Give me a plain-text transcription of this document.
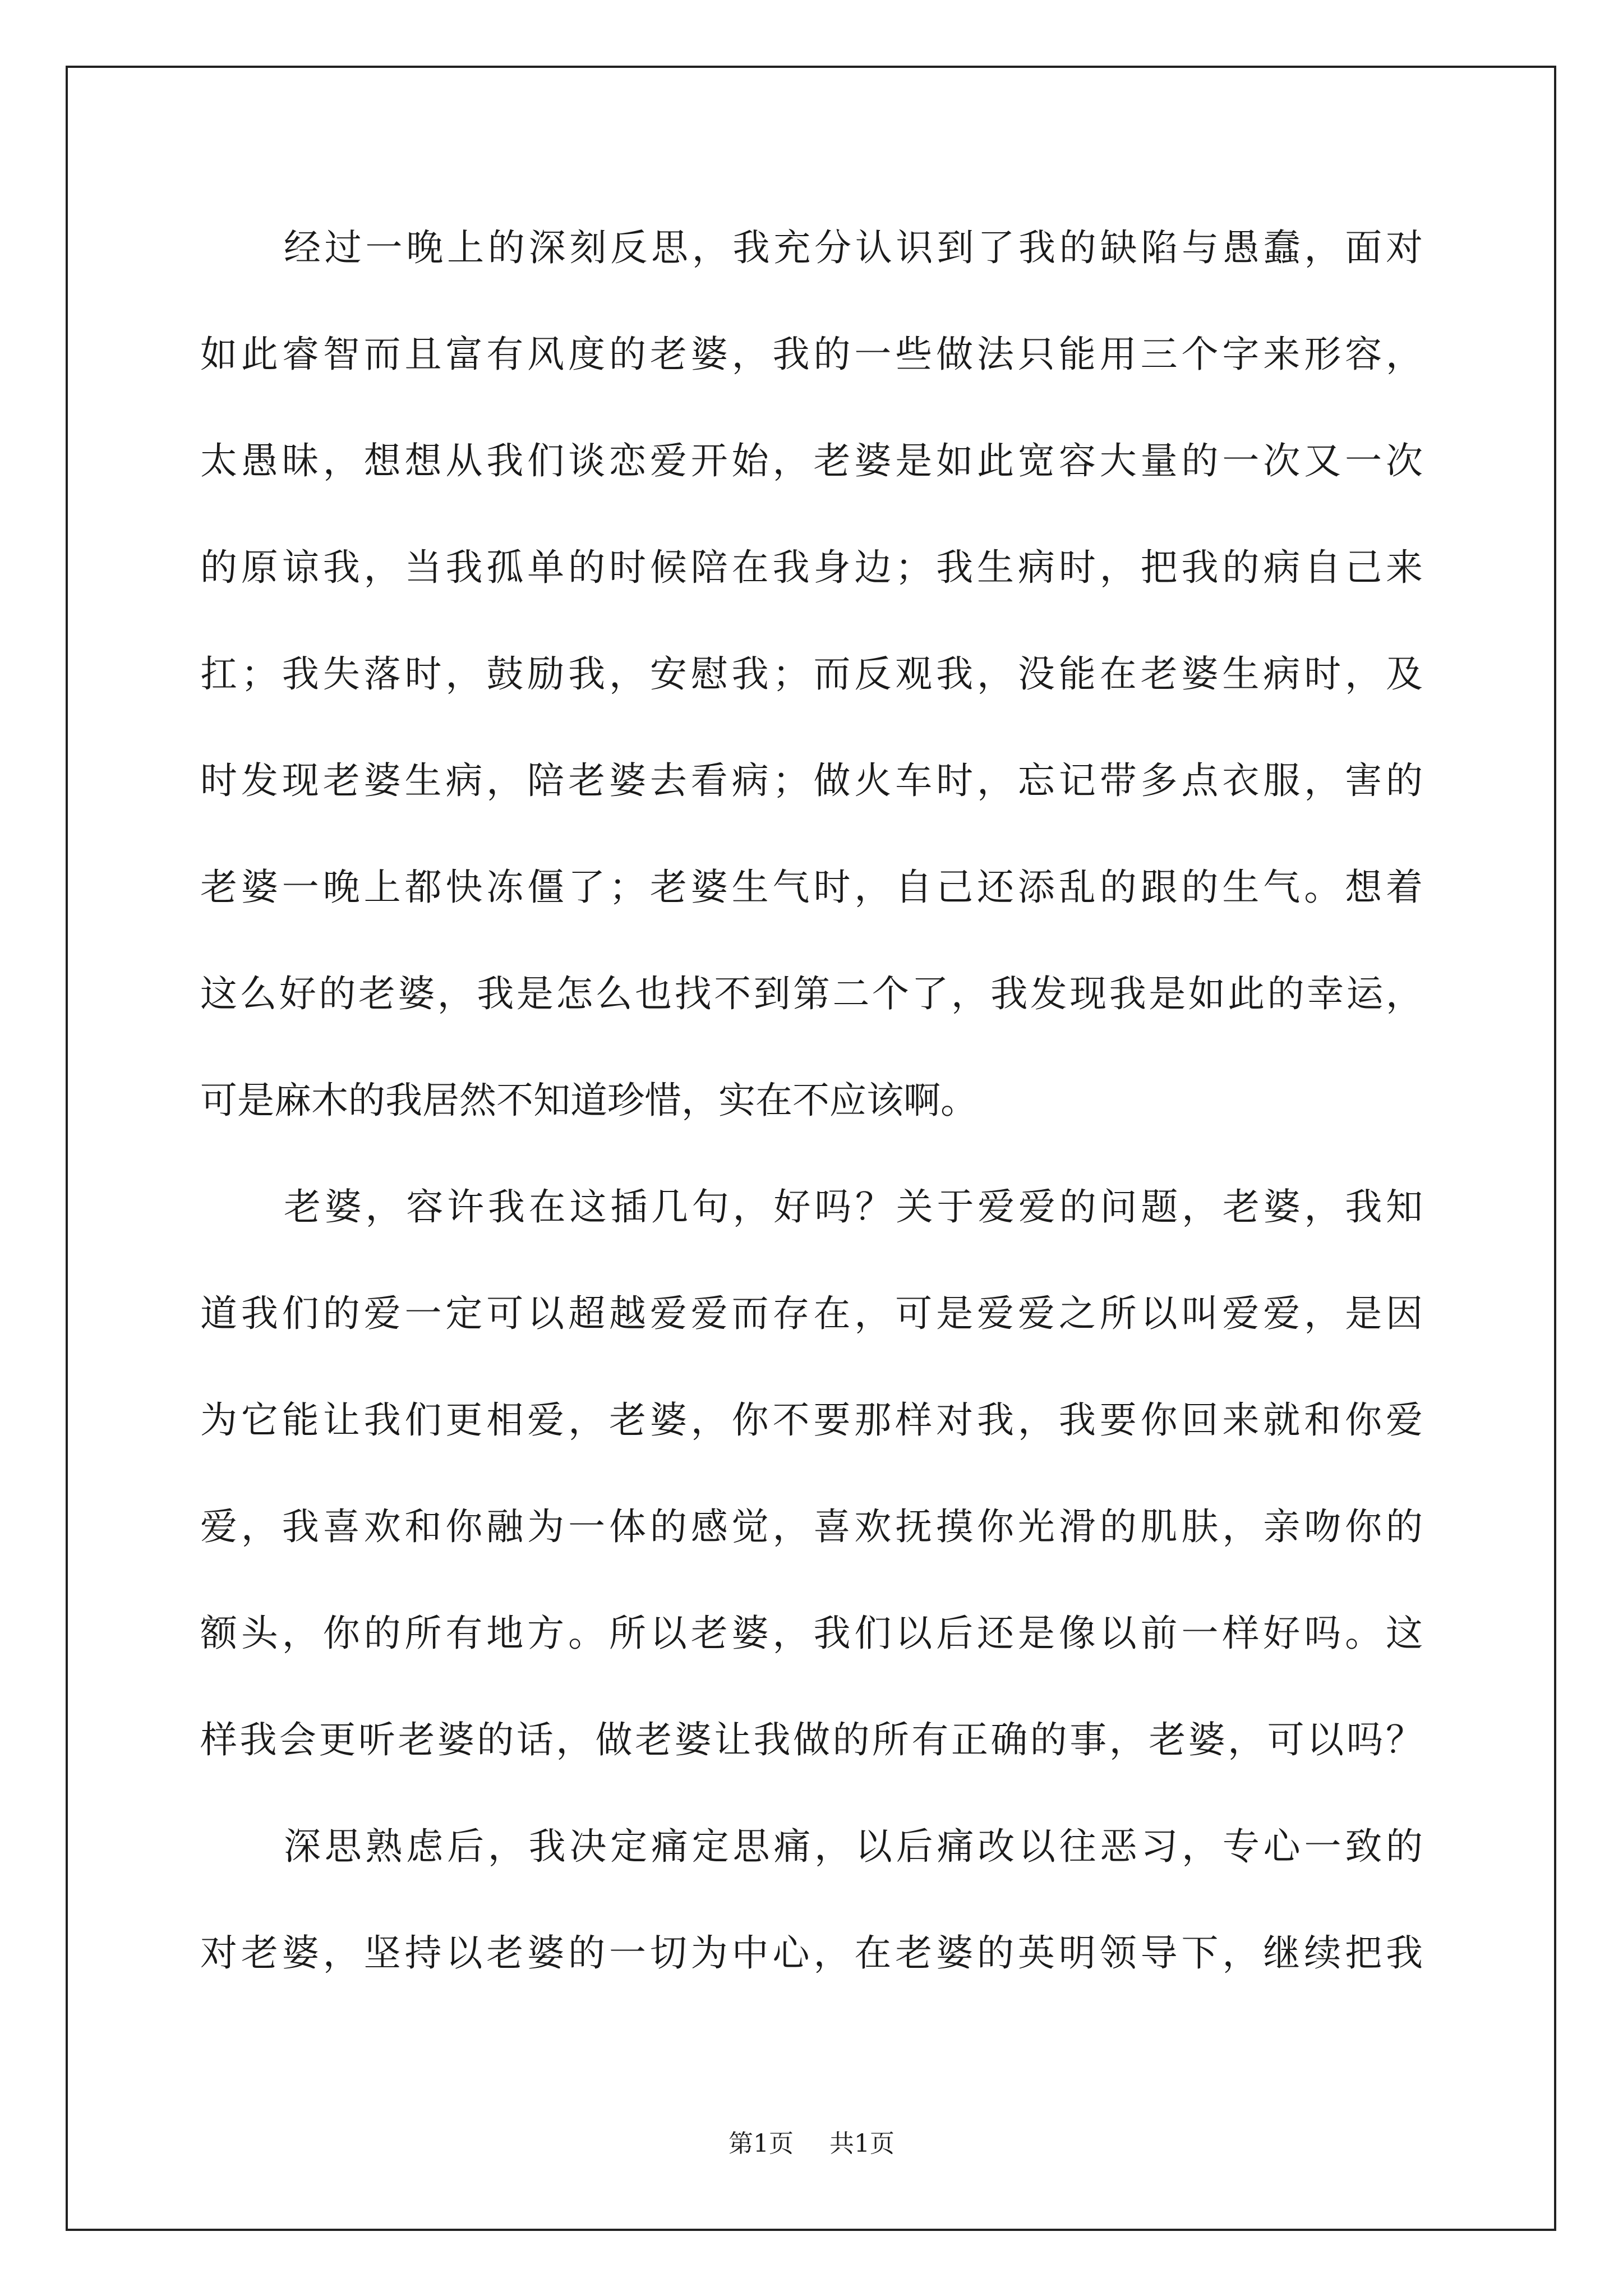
经过一晚上的深刻反思，我充分认识到了我的缺陷与愚蠢，面对
如此睿智而且富有风度的老婆，我的一些做法只能用三个字来形容，
太愚昧，想想从我们谈恋爱开始，老婆是如此宽容大量的一次又一次
的原谅我，当我孤单的时候陪在我身边；我生病时，把我的病自己来
扛；我失落时，鼓励我，安慰我；而反观我，没能在老婆生病时，及
时发现老婆生病，陪老婆去看病；做火车时，忘记带多点衣服，害的
老婆一晚上都快冻僵了；老婆生气时，自己还添乱的跟的生气。想着
这么好的老婆，我是怎么也找不到第二个了，我发现我是如此的幸运，
可是麻木的我居然不知道珍惜，实在不应该啊。
老婆，容许我在这插几句，好吗？关于爱爱的问题，老婆，我知
道我们的爱一定可以超越爱爱而存在，可是爱爱之所以叫爱爱，是因
为它能让我们更相爱，老婆，你不要那样对我，我要你回来就和你爱
爱，我喜欢和你融为一体的感觉，喜欢抚摸你光滑的肌肤，亲吻你的
额头，你的所有地方。所以老婆，我们以后还是像以前一样好吗。这
样我会更听老婆的话，做老婆让我做的所有正确的事，老婆，可以吗？
深思熟虑后，我决定痛定思痛，以后痛改以往恶习，专心一致的
对老婆，坚持以老婆的一切为中心，在老婆的英明领导下，继续把我
第1页 共1页
